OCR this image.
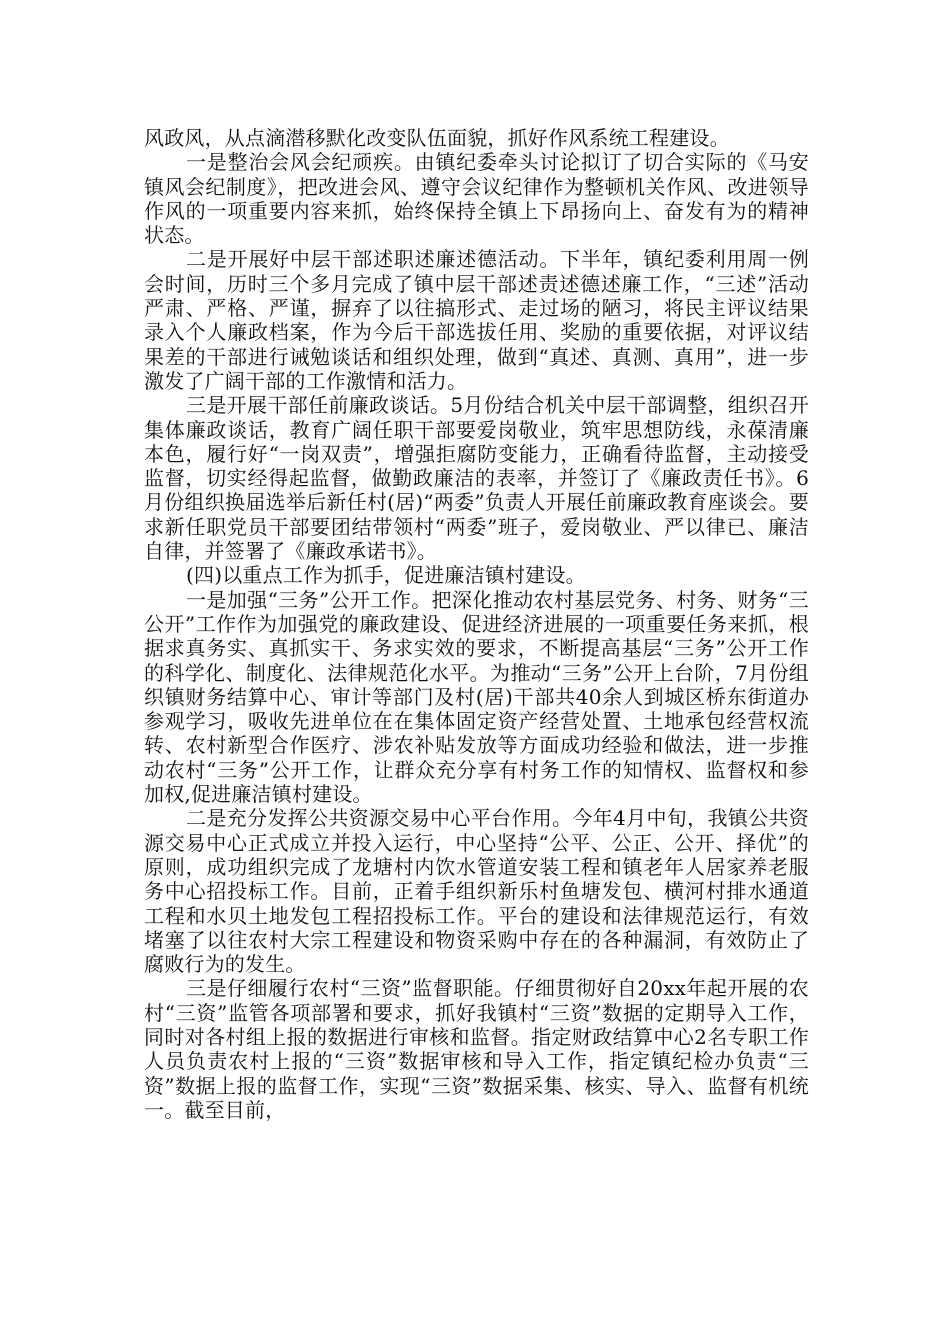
风政风，从点滴潜移默化改变队伍面貌，抓好作风系统工程建设。

一是整治会风会纪顽疾。由镇纪委牵头讨论拟订了切合实际的《马安镇风会纪制度》，把改进会风、遵守会议纪律作为整顿机关作风、改进领导作风的一项重要内容来抓，始终保持全镇上下昂扬向上、奋发有为的精神状态。

二是开展好中层干部述职述廉述德活动。下半年，镇纪委利用周一例会时间，历时三个多月完成了镇中层干部述责述德述廉工作，“三述”活动严肃、严格、严谨，摒弃了以往搞形式、走过场的陋习，将民主评议结果录入个人廉政档案，作为今后干部选拔任用、奖励的重要依据，对评议结果差的干部进行诫勉谈话和组织处理，做到“真述、真测、真用”，进一步激发了广阔干部的工作激情和活力。

三是开展干部任前廉政谈话。5月份结合机关中层干部调整，组织召开集体廉政谈话，教育广阔任职干部要爱岗敬业，筑牢思想防线，永葆清廉本色，履行好“一岗双责”，增强拒腐防变能力，正确看待监督，主动接受监督，切实经得起监督，做勤政廉洁的表率，并签订了《廉政责任书》。6月份组织换届选举后新任村(居)“两委”负责人开展任前廉政教育座谈会。要求新任职党员干部要团结带领村“两委”班子，爱岗敬业、严以律已、廉洁自律，并签署了《廉政承诺书》。

(四)以重点工作为抓手，促进廉洁镇村建设。

一是加强“三务”公开工作。把深化推动农村基层党务、村务、财务“三公开”工作作为加强党的廉政建设、促进经济进展的一项重要任务来抓，根据求真务实、真抓实干、务求实效的要求，不断提高基层“三务”公开工作的科学化、制度化、法律规范化水平。为推动“三务”公开上台阶，7月份组织镇财务结算中心、审计等部门及村(居)干部共40余人到城区桥东街道办参观学习，吸收先进单位在在集体固定资产经营处置、土地承包经营权流转、农村新型合作医疗、涉农补贴发放等方面成功经验和做法，进一步推动农村“三务”公开工作，让群众充分享有村务工作的知情权、监督权和参加权,促进廉洁镇村建设。

二是充分发挥公共资源交易中心平台作用。今年4月中旬，我镇公共资源交易中心正式成立并投入运行，中心坚持“公平、公正、公开、择优”的原则，成功组织完成了龙塘村内饮水管道安装工程和镇老年人居家养老服务中心招投标工作。目前，正着手组织新乐村鱼塘发包、横河村排水通道工程和水贝土地发包工程招投标工作。平台的建设和法律规范运行，有效堵塞了以往农村大宗工程建设和物资采购中存在的各种漏洞，有效防止了腐败行为的发生。

三是仔细履行农村“三资”监督职能。仔细贯彻好自20xx年起开展的农村“三资”监管各项部署和要求，抓好我镇村“三资”数据的定期导入工作，同时对各村组上报的数据进行审核和监督。指定财政结算中心2名专职工作人员负责农村上报的“三资”数据审核和导入工作，指定镇纪检办负责“三资”数据上报的监督工作，实现“三资”数据采集、核实、导入、监督有机统一。截至目前，
